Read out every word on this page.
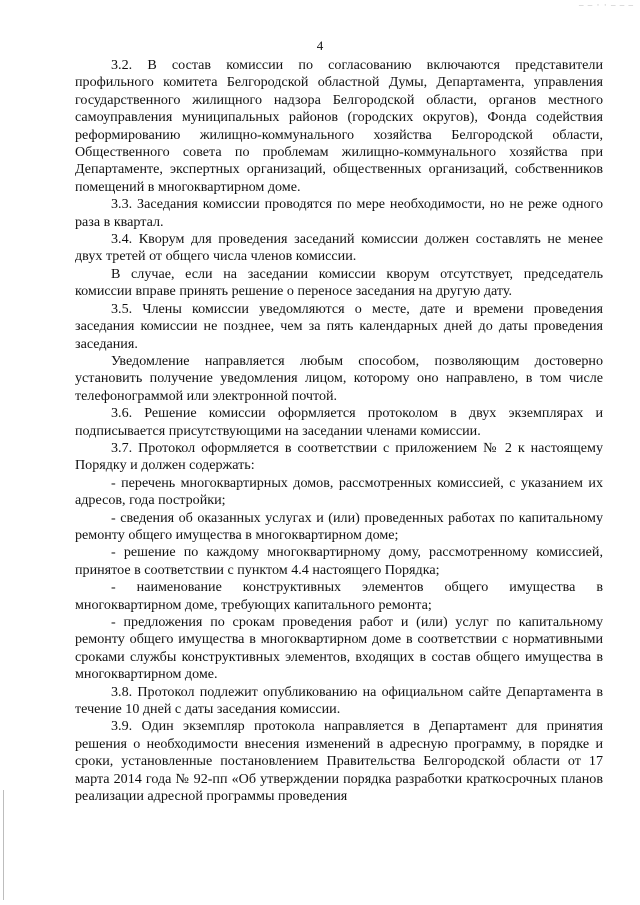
– – · · – – –
4

3.2. В состав комиссии по согласованию включаются представители профильного комитета Белгородской областной Думы, Департамента, управления государственного жилищного надзора Белгородской области, органов местного самоуправления муниципальных районов (городских округов), Фонда содействия реформированию жилищно-коммунального хозяйства Белгородской области, Общественного совета по проблемам жилищно-коммунального хозяйства при Департаменте, экспертных организаций, общественных организаций, собственников помещений в многоквартирном доме.

3.3. Заседания комиссии проводятся по мере необходимости, но не реже одного раза в квартал.

3.4. Кворум для проведения заседаний комиссии должен составлять не менее двух третей от общего числа членов комиссии.

В случае, если на заседании комиссии кворум отсутствует, председатель комиссии вправе принять решение о переносе заседания на другую дату.

3.5. Члены комиссии уведомляются о месте, дате и времени проведения заседания комиссии не позднее, чем за пять календарных дней до даты проведения заседания.

Уведомление направляется любым способом, позволяющим достоверно установить получение уведомления лицом, которому оно направлено, в том числе телефонограммой или электронной почтой.

3.6. Решение комиссии оформляется протоколом в двух экземплярах и подписывается присутствующими на заседании членами комиссии.

3.7. Протокол оформляется в соответствии с приложением № 2 к настоящему Порядку и должен содержать:

- перечень многоквартирных домов, рассмотренных комиссией, с указанием их адресов, года постройки;

- сведения об оказанных услугах и (или) проведенных работах по капитальному ремонту общего имущества в многоквартирном доме;

- решение по каждому многоквартирному дому, рассмотренному комиссией, принятое в соответствии с пунктом 4.4 настоящего Порядка;

- наименование конструктивных элементов общего имущества в многоквартирном доме, требующих капитального ремонта;

- предложения по срокам проведения работ и (или) услуг по капитальному ремонту общего имущества в многоквартирном доме в соответствии с нормативными сроками службы конструктивных элементов, входящих в состав общего имущества в многоквартирном доме.

3.8. Протокол подлежит опубликованию на официальном сайте Департамента в течение 10 дней с даты заседания комиссии.

3.9. Один экземпляр протокола направляется в Департамент для принятия решения о необходимости внесения изменений в адресную программу, в порядке и сроки, установленные постановлением Правительства Белгородской области от 17 марта 2014 года № 92-пп «Об утверждении порядка разработки краткосрочных планов реализации адресной программы проведения
